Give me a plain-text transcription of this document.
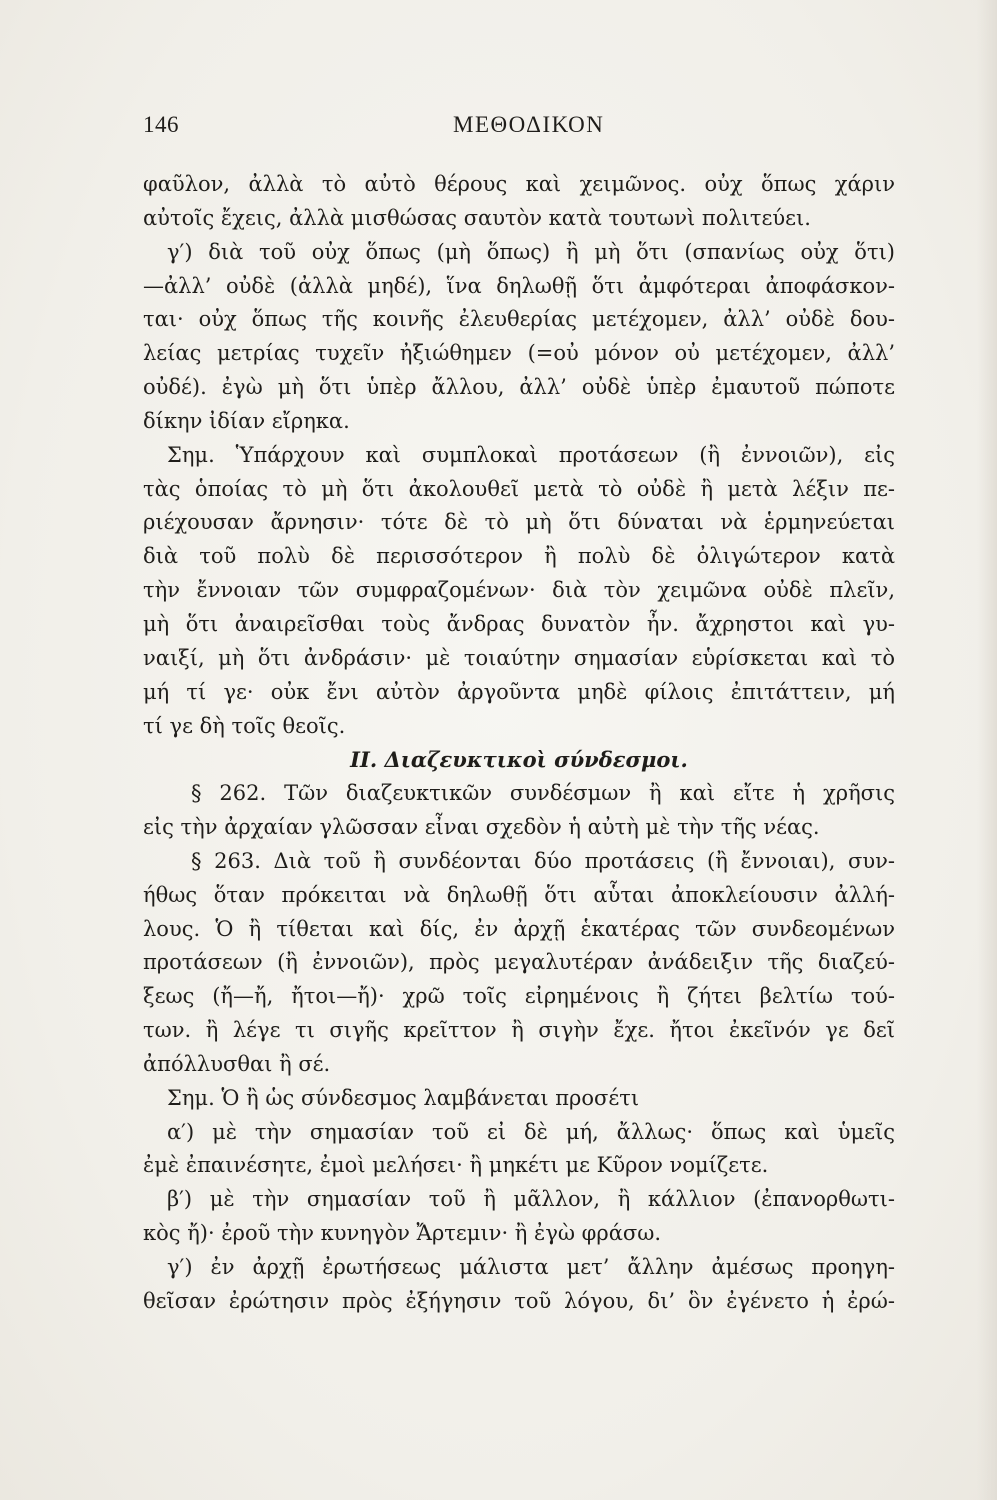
146	ΜΕΘΟΔΙΚΟΝ
φαῦλον, ἀλλὰ τὸ αὐτὸ θέρους καὶ χειμῶνος. οὐχ ὅπως χάριν
αὐτοῖς ἔχεις, ἀλλὰ μισθώσας σαυτὸν κατὰ τουτωνὶ πολιτεύει.
γ′) διὰ τοῦ οὐχ ὅπως (μὴ ὅπως) ἢ μὴ ὅτι (σπανίως οὐχ ὅτι)
—ἀλλ’ οὐδὲ (ἀλλὰ μηδέ), ἵνα δηλωθῇ ὅτι ἀμφότεραι ἀποφάσκον-
ται· οὐχ ὅπως τῆς κοινῆς ἐλευθερίας μετέχομεν, ἀλλ’ οὐδὲ δου-
λείας μετρίας τυχεῖν ἠξιώθημεν (=οὐ μόνον οὐ μετέχομεν, ἀλλ’
οὐδέ). ἐγὼ μὴ ὅτι ὑπὲρ ἄλλου, ἀλλ’ οὐδὲ ὑπὲρ ἐμαυτοῦ πώποτε
δίκην ἰδίαν εἴρηκα.
Σημ. Ὑπάρχουν καὶ συμπλοκαὶ προτάσεων (ἢ ἐννοιῶν), εἰς
τὰς ὁποίας τὸ μὴ ὅτι ἀκολουθεῖ μετὰ τὸ οὐδὲ ἢ μετὰ λέξιν πε-
ριέχουσαν ἄρνησιν· τότε δὲ τὸ μὴ ὅτι δύναται νὰ ἑρμηνεύεται
διὰ τοῦ πολὺ δὲ περισσότερον ἢ πολὺ δὲ ὀλιγώτερον κατὰ
τὴν ἔννοιαν τῶν συμφραζομένων· διὰ τὸν χειμῶνα οὐδὲ πλεῖν,
μὴ ὅτι ἀναιρεῖσθαι τοὺς ἄνδρας δυνατὸν ἦν. ἄχρηστοι καὶ γυ-
ναιξί, μὴ ὅτι ἀνδράσιν· μὲ τοιαύτην σημασίαν εὑρίσκεται καὶ τὸ
μή τί γε· οὐκ ἔνι αὐτὸν ἀργοῦντα μηδὲ φίλοις ἐπιτάττειν, μή
τί γε δὴ τοῖς θεοῖς.
ΙΙ. Διαζευκτικοὶ σύνδεσμοι.
§ 262. Τῶν διαζευκτικῶν συνδέσμων ἢ καὶ εἴτε ἡ χρῆσις
εἰς τὴν ἀρχαίαν γλῶσσαν εἶναι σχεδὸν ἡ αὐτὴ μὲ τὴν τῆς νέας.
§ 263. Διὰ τοῦ ἢ συνδέονται δύο προτάσεις (ἢ ἔννοιαι), συν-
ήθως ὅταν πρόκειται νὰ δηλωθῇ ὅτι αὗται ἀποκλείουσιν ἀλλή-
λους. Ὁ ἢ τίθεται καὶ δίς, ἐν ἀρχῇ ἑκατέρας τῶν συνδεομένων
προτάσεων (ἢ ἐννοιῶν), πρὸς μεγαλυτέραν ἀνάδειξιν τῆς διαζεύ-
ξεως (ἤ—ἤ, ἤτοι—ἤ)· χρῶ τοῖς εἰρημένοις ἢ ζήτει βελτίω τού-
των. ἢ λέγε τι σιγῆς κρεῖττον ἢ σιγὴν ἔχε. ἤτοι ἐκεῖνόν γε δεῖ
ἀπόλλυσθαι ἢ σέ.
Σημ. Ὁ ἢ ὡς σύνδεσμος λαμβάνεται προσέτι
α′) μὲ τὴν σημασίαν τοῦ εἰ δὲ μή, ἄλλως· ὅπως καὶ ὑμεῖς
ἐμὲ ἐπαινέσητε, ἐμοὶ μελήσει· ἢ μηκέτι με Κῦρον νομίζετε.
β′) μὲ τὴν σημασίαν τοῦ ἢ μᾶλλον, ἢ κάλλιον (ἐπανορθωτι-
κὸς ἤ)· ἐροῦ τὴν κυνηγὸν Ἄρτεμιν· ἢ ἐγὼ φράσω.
γ′) ἐν ἀρχῇ ἐρωτήσεως μάλιστα μετ’ ἄλλην ἀμέσως προηγη-
θεῖσαν ἐρώτησιν πρὸς ἐξήγησιν τοῦ λόγου, δι’ ὃν ἐγένετο ἡ ἐρώ-
